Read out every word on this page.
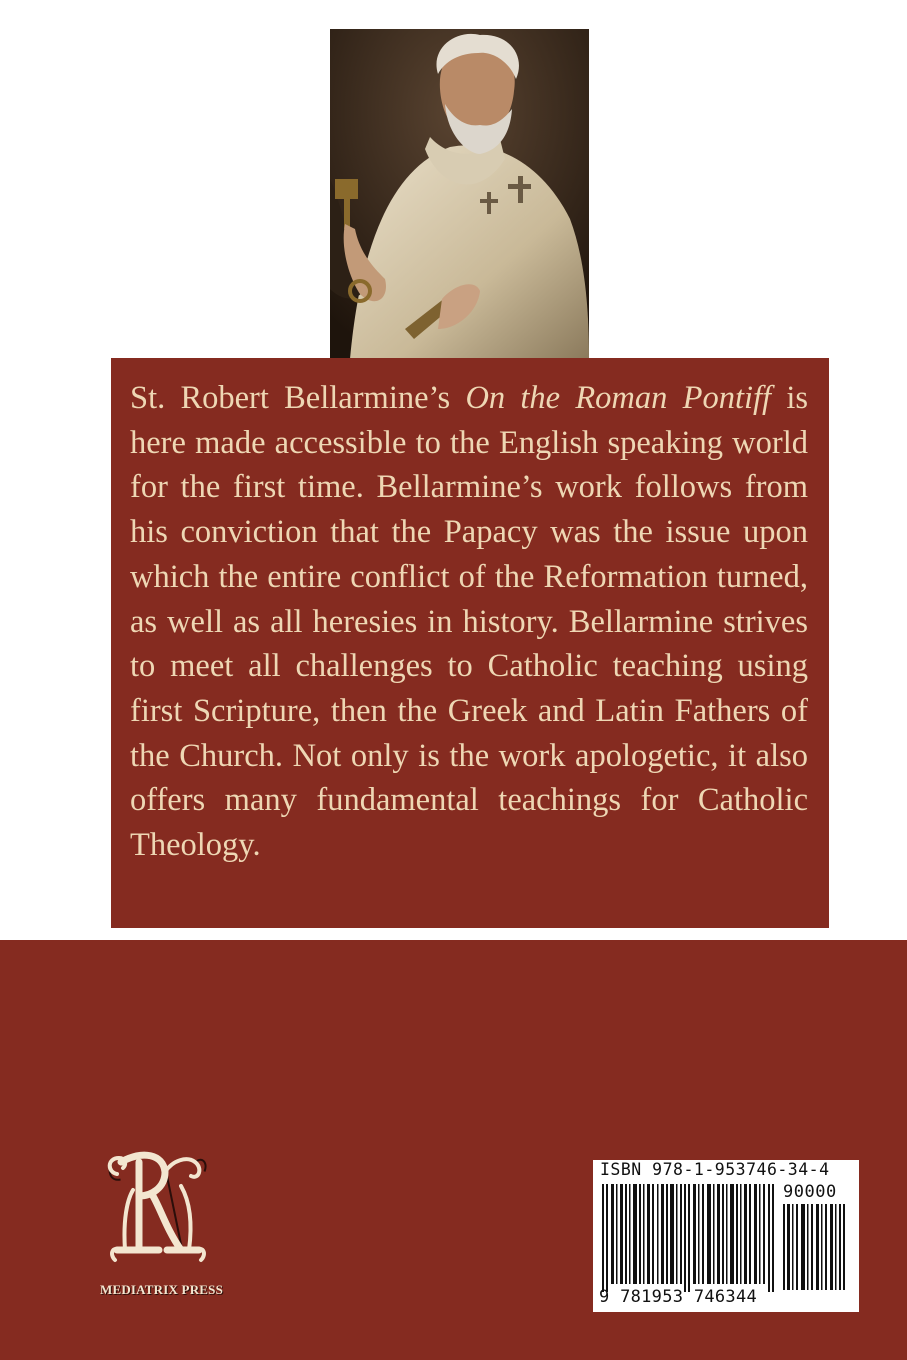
St. Robert Bellarmine’s On the Roman Pontiff is here made accessible to the English speaking world for the first time. Bellarmine’s work follows from his conviction that the Papacy was the issue upon which the entire conflict of the Reformation turned, as well as all heresies in history. Bellarmine strives to meet all challenges to Catholic teaching using first Scripture, then the Greek and Latin Fathers of the Church. Not only is the work apologetic, it also offers many fundamental teachings for Catholic Theology.

MEDIATRIX PRESS
ISBN 978-1-953746-34-4
90000
9 781953 746344
